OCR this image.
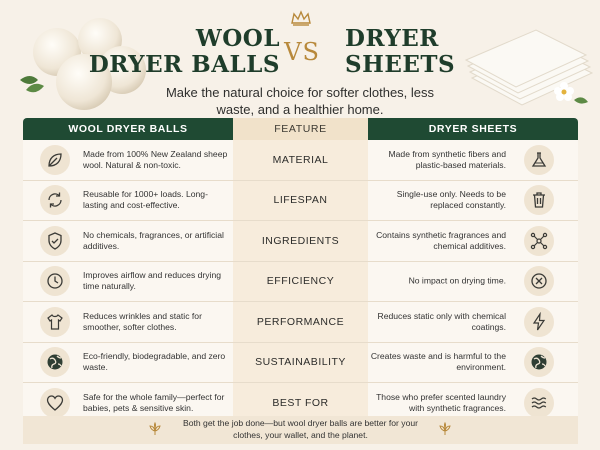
WOOL
DRYER BALLS VS DRYER
SHEETS
Make the natural choice for softer clothes, less waste, and a healthier home.
WOOL DRYER BALLS	FEATURE	DRYER SHEETS
Made from 100% New Zealand sheep wool. Natural & non-toxic.	MATERIAL	Made from synthetic fibers and plastic-based materials.
Reusable for 1000+ loads. Long-lasting and cost-effective.	LIFESPAN	Single-use only. Needs to be replaced constantly.
No chemicals, fragrances, or artificial additives.	INGREDIENTS	Contains synthetic fragrances and chemical additives.
Improves airflow and reduces drying time naturally.	EFFICIENCY	No impact on drying time.
Reduces wrinkles and static for smoother, softer clothes.	PERFORMANCE	Reduces static only with chemical coatings.
Eco-friendly, biodegradable, and zero waste.	SUSTAINABILITY	Creates waste and is harmful to the environment.
Safe for the whole family—perfect for babies, pets & sensitive skin.	BEST FOR	Those who prefer scented laundry with synthetic fragrances.
Both get the job done—but wool dryer balls are better for your clothes, your wallet, and the planet.
